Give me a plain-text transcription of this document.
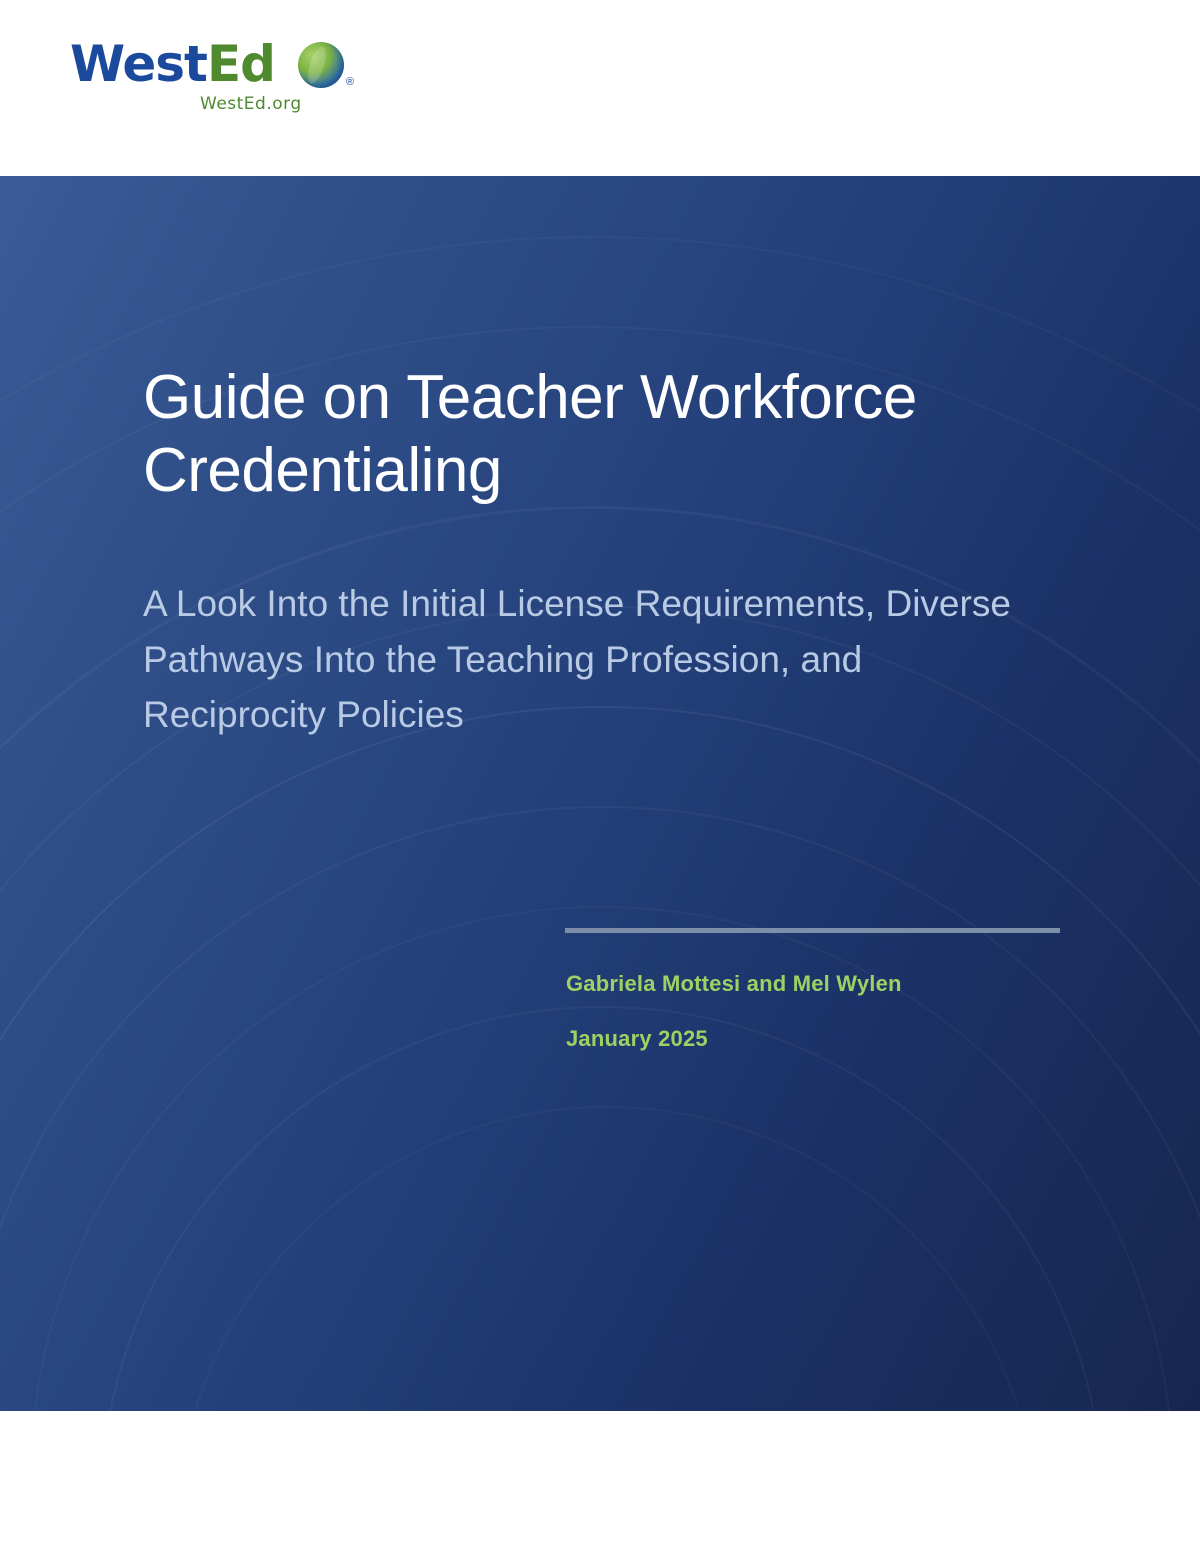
WestEd	®
WestEd.org
Guide on Teacher Workforce Credentialing
A Look Into the Initial License Requirements, Diverse Pathways Into the Teaching Profession, and Reciprocity Policies
Gabriela Mottesi and Mel Wylen
January 2025
